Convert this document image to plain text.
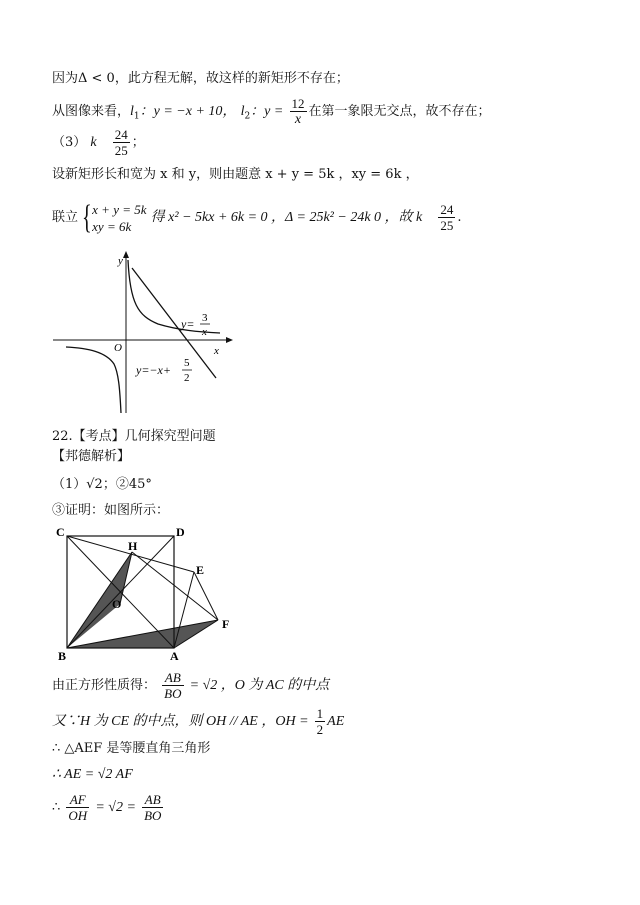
因为Δ < 0，此方程无解，故这样的新矩形不存在；
从图像来看，$l_1$：y = −x + 10， $l_2$：$y = \frac{12}{x}$ 在第一象限无交点，故不存在；
（3） k $\frac{24}{25}$ ；
设新矩形长和宽为 x 和 y，则由题意 x + y = 5k ，xy = 6k ，
联立 { x + y = 5k
xy = 6k
得 x² − 5kx + 6k = 0 ，Δ = 25k² − 24k 0 ，故 k $\frac{24}{25}$ .
y
x
O
y= 3
x
y=−x+ 5
2
22.【考点】几何探究型问题
【邦德解析】
（1）√2；②45°
③证明：如图所示：
C	D
H
E
O
F
B	A
由正方形性质得： $\frac{AB}{BO} = √2$ ，O 为 AC 的中点
又∵H 为 CE 的中点，则 OH // AE ，OH = $\frac{1}{2}$ AE
∴ △AEF 是等腰直角三角形
∴ AE = √2 AF
∴ $\frac{AF}{OH} = √2 = \frac{AB}{BO}$
